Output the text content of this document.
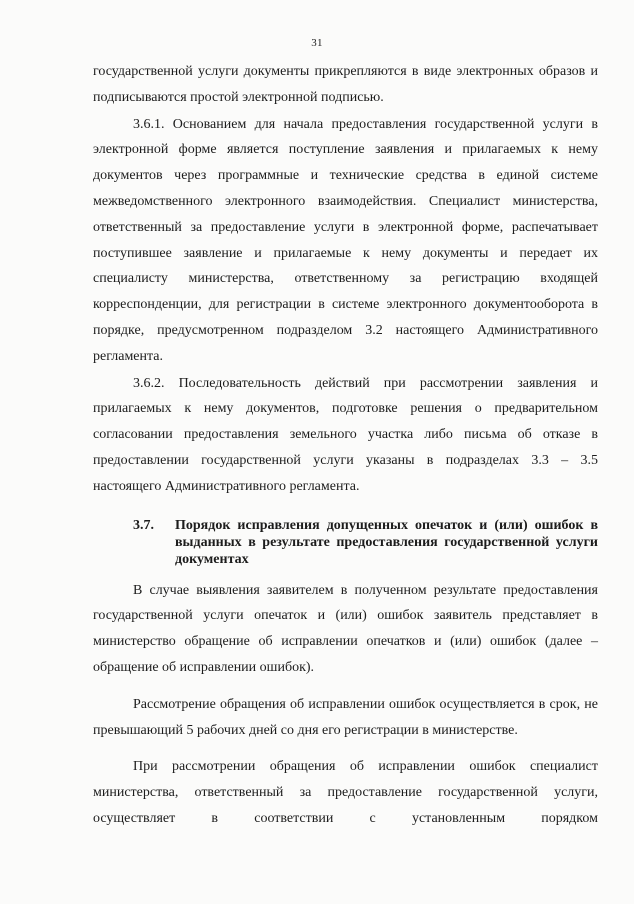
31

государственной услуги документы прикрепляются в виде электронных образов и подписываются простой электронной подписью.

3.6.1. Основанием для начала предоставления государственной услуги в электронной форме является поступление заявления и прилагаемых к нему документов через программные и технические средства в единой системе межведомственного электронного взаимодействия. Специалист министерства, ответственный за предоставление услуги в электронной форме, распечатывает поступившее заявление и прилагаемые к нему документы и передает их специалисту министерства, ответственному за регистрацию входящей корреспонденции, для регистрации в системе электронного документооборота в порядке, предусмотренном подразделом 3.2 настоящего Административного регламента.

3.6.2. Последовательность действий при рассмотрении заявления и прилагаемых к нему документов, подготовке решения о предварительном согласовании предоставления земельного участка либо письма об отказе в предоставлении государственной услуги указаны в подразделах 3.3 – 3.5 настоящего Административного регламента.

3.7.	Порядок исправления допущенных опечаток и (или) ошибок в выданных в результате предоставления государственной услуги документах

В случае выявления заявителем в полученном результате предоставления государственной услуги опечаток и (или) ошибок заявитель представляет в министерство обращение об исправлении опечатков и (или) ошибок (далее – обращение об исправлении ошибок).

Рассмотрение обращения об исправлении ошибок осуществляется в срок, не превышающий 5 рабочих дней со дня его регистрации в министерстве.

При рассмотрении обращения об исправлении ошибок специалист министерства, ответственный за предоставление государственной услуги, осуществляет в соответствии с установленным порядком
